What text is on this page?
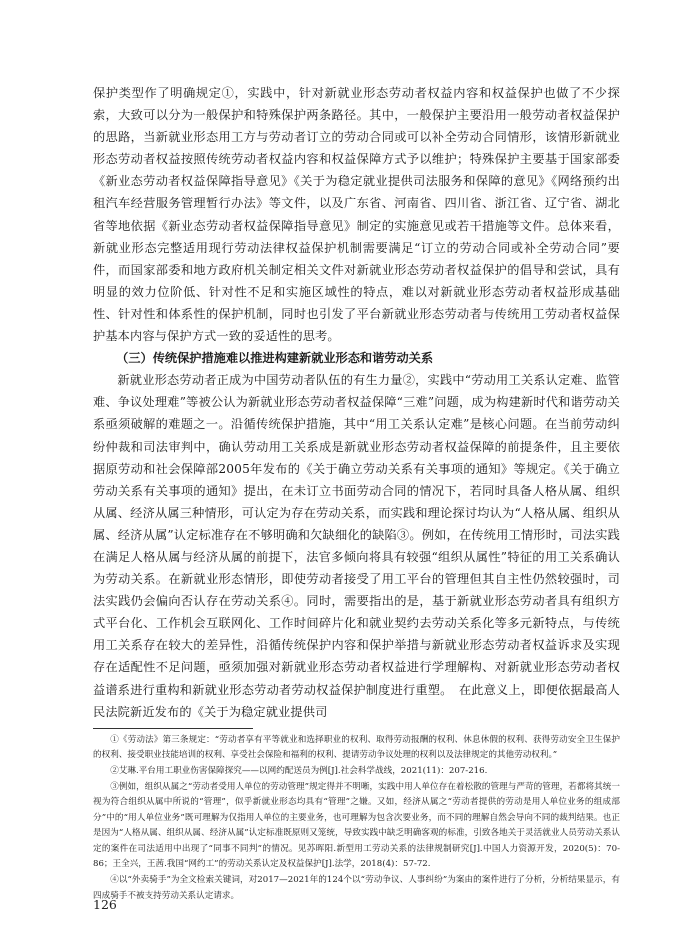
保护类型作了明确规定①，实践中，针对新就业形态劳动者权益内容和权益保护也做了不少探索，大致可以分为一般保护和特殊保护两条路径。其中，一般保护主要沿用一般劳动者权益保护的思路，当新就业形态用工方与劳动者订立的劳动合同或可以补全劳动合同情形，该情形新就业形态劳动者权益按照传统劳动者权益内容和权益保障方式予以维护；特殊保护主要基于国家部委《新业态劳动者权益保障指导意见》《关于为稳定就业提供司法服务和保障的意见》《网络预约出租汽车经营服务管理暂行办法》等文件，以及广东省、河南省、四川省、浙江省、辽宁省、湖北省等地依据《新业态劳动者权益保障指导意见》制定的实施意见或若干措施等文件。总体来看，新就业形态完整适用现行劳动法律权益保护机制需要满足“订立的劳动合同或补全劳动合同”要件，而国家部委和地方政府机关制定相关文件对新就业形态劳动者权益保护的倡导和尝试，具有明显的效力位阶低、针对性不足和实施区域性的特点，难以对新就业形态劳动者权益形成基础性、针对性和体系性的保护机制，同时也引发了平台新就业形态劳动者与传统用工劳动者权益保护基本内容与保护方式一致的妥适性的思考。

（三）传统保护措施难以推进构建新就业形态和谐劳动关系

新就业形态劳动者正成为中国劳动者队伍的有生力量②，实践中“劳动用工关系认定难、监管难、争议处理难”等被公认为新就业形态劳动者权益保障“三难”问题，成为构建新时代和谐劳动关系亟须破解的难题之一。沿循传统保护措施，其中“用工关系认定难”是核心问题。在当前劳动纠纷仲裁和司法审判中，确认劳动用工关系成是新就业形态劳动者权益保障的前提条件，且主要依据原劳动和社会保障部2005年发布的《关于确立劳动关系有关事项的通知》等规定。《关于确立劳动关系有关事项的通知》提出，在未订立书面劳动合同的情况下，若同时具备人格从属、组织从属、经济从属三种情形，可认定为存在劳动关系，而实践和理论探讨均认为“人格从属、组织从属、经济从属”认定标准存在不够明确和欠缺细化的缺陷③。例如，在传统用工情形时，司法实践在满足人格从属与经济从属的前提下，法官多倾向将具有较强“组织从属性”特征的用工关系确认为劳动关系。在新就业形态情形，即使劳动者接受了用工平台的管理但其自主性仍然较强时，司法实践仍会偏向否认存在劳动关系④。同时，需要指出的是，基于新就业形态劳动者具有组织方式平台化、工作机会互联网化、工作时间碎片化和就业契约去劳动关系化等多元新特点，与传统用工关系存在较大的差异性，沿循传统保护内容和保护举措与新就业形态劳动者权益诉求及实现存在适配性不足问题，亟须加强对新就业形态劳动者权益进行学理解构、对新就业形态劳动者权益谱系进行重构和新就业形态劳动者劳动权益保护制度进行重塑。　在此意义上，即便依据最高人民法院新近发布的《关于为稳定就业提供司

①《劳动法》第三条规定：“劳动者享有平等就业和选择职业的权利、取得劳动报酬的权利、休息休假的权利、获得劳动安全卫生保护的权利、接受职业技能培训的权利、享受社会保险和福利的权利、提请劳动争议处理的权利以及法律规定的其他劳动权利。”

②艾琳.平台用工职业伤害保障探究——以网约配送员为例[J].社会科学战线，2021(11)：207-216.

③例如，组织从属之“劳动者受用人单位的劳动管理”规定得并不明晰，实践中用人单位存在着松散的管理与严苛的管理，若都将其统一视为符合组织从属中所说的“管理”，似乎新就业形态均具有“管理”之嫌。又如，经济从属之“劳动者提供的劳动是用人单位业务的组成部分”中的“用人单位业务”既可理解为仅指用人单位的主要业务，也可理解为包含次要业务，而不同的理解自然会导向不同的裁判结果。也正是因为“人格从属、组织从属、经济从属”认定标准既原则又笼统，导致实践中缺乏明确客观的标准，引致各地关于灵活就业人员劳动关系认定的案件在司法适用中出现了“同事不同判”的情况。见苏晖阳.新型用工劳动关系的法律规制研究[J].中国人力资源开发，2020(5)：70-86；王全兴，王茜.我国“网约工”的劳动关系认定及权益保护[J].法学，2018(4)：57-72.

④以“外卖骑手”为全文检索关键词，对2017—2021年的124个以“劳动争议、人事纠纷”为案由的案件进行了分析，分析结果显示，有四成骑手不被支持劳动关系认定请求。

126
